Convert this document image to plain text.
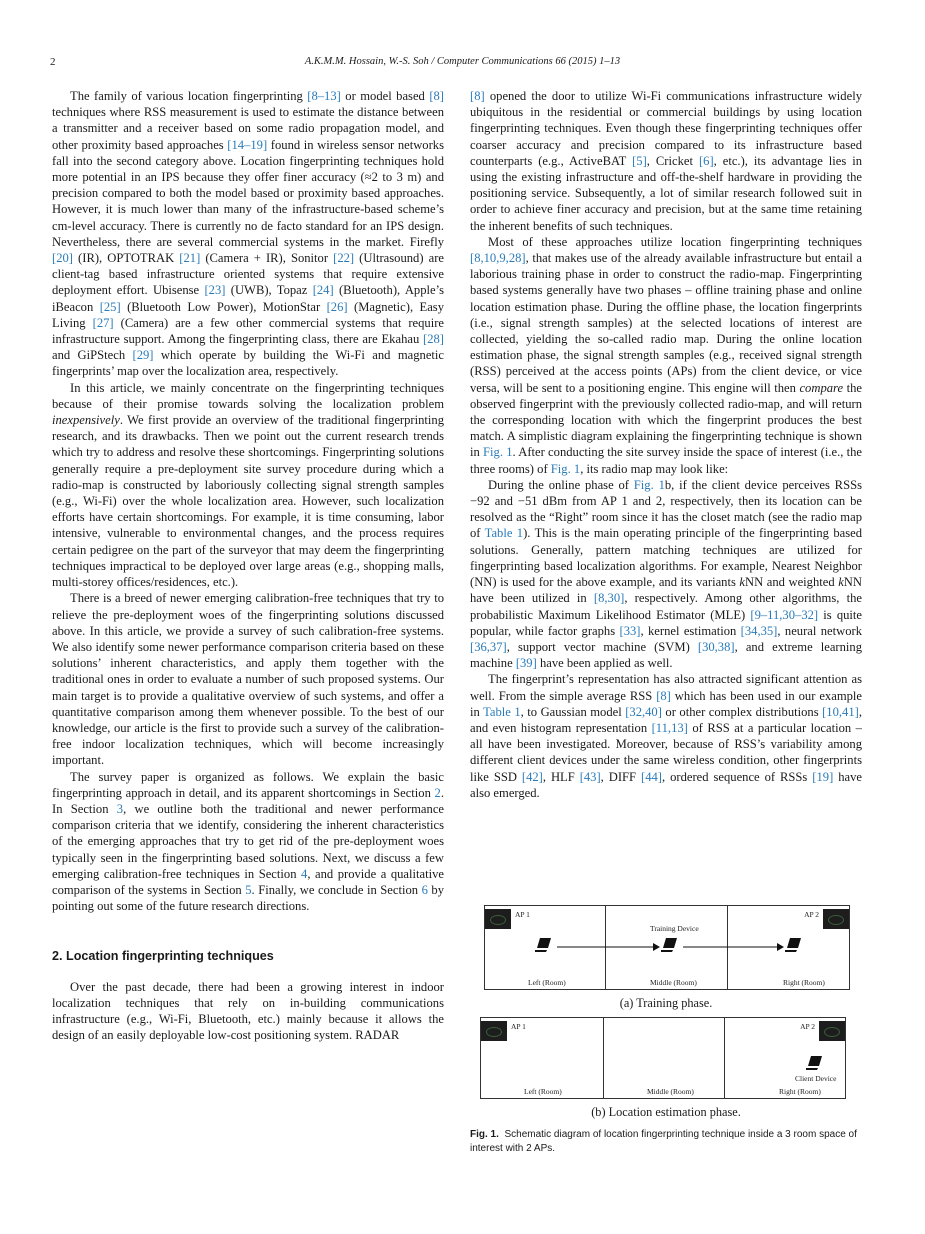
2	A.K.M.M. Hossain, W.-S. Soh / Computer Communications 66 (2015) 1–13

The family of various location fingerprinting [8–13] or model based [8] techniques where RSS measurement is used to estimate the distance between a transmitter and a receiver based on some radio propagation model, and other proximity based approaches [14–19] found in wireless sensor networks fall into the second category above. Location fingerprinting techniques hold more potential in an IPS because they offer finer accuracy (≈2 to 3 m) and precision compared to both the model based or proximity based approaches. However, it is much lower than many of the infrastructure-based scheme’s cm-level accuracy. There is currently no de facto standard for an IPS design. Nevertheless, there are several commercial systems in the market. Firefly [20] (IR), OPTOTRAK [21] (Camera + IR), Sonitor [22] (Ultrasound) are client-tag based infrastructure oriented systems that require extensive deployment effort. Ubisense [23] (UWB), Topaz [24] (Bluetooth), Apple’s iBeacon [25] (Bluetooth Low Power), MotionStar [26] (Magnetic), Easy Living [27] (Camera) are a few other commercial systems that require infrastructure support. Among the fingerprinting class, there are Ekahau [28] and GiPStech [29] which operate by building the Wi-Fi and magnetic fingerprints’ map over the localization area, respectively.

In this article, we mainly concentrate on the fingerprinting techniques because of their promise towards solving the localization problem inexpensively. We first provide an overview of the traditional fingerprinting research, and its drawbacks. Then we point out the current research trends which try to address and resolve these shortcomings. Fingerprinting solutions generally require a pre-deployment site survey procedure during which a radio-map is constructed by laboriously collecting signal strength samples (e.g., Wi-Fi) over the whole localization area. However, such localization efforts have certain shortcomings. For example, it is time consuming, labor intensive, vulnerable to environmental changes, and the process requires certain pedigree on the part of the surveyor that may deem the fingerprinting techniques impractical to be deployed over large areas (e.g., shopping malls, multi-storey offices/residences, etc.).

There is a breed of newer emerging calibration-free techniques that try to relieve the pre-deployment woes of the fingerprinting solutions discussed above. In this article, we provide a survey of such calibration-free systems. We also identify some newer performance comparison criteria based on these solutions’ inherent characteristics, and apply them together with the traditional ones in order to evaluate a number of such proposed systems. Our main target is to provide a qualitative overview of such systems, and offer a quantitative comparison among them whenever possible. To the best of our knowledge, our article is the first to provide such a survey of the calibration-free indoor localization techniques, which will become increasingly important.

The survey paper is organized as follows. We explain the basic fingerprinting approach in detail, and its apparent shortcomings in Section 2. In Section 3, we outline both the traditional and newer performance comparison criteria that we identify, considering the inherent characteristics of the emerging approaches that try to get rid of the pre-deployment woes typically seen in the fingerprinting based solutions. Next, we discuss a few emerging calibration-free techniques in Section 4, and provide a qualitative comparison of the systems in Section 5. Finally, we conclude in Section 6 by pointing out some of the future research directions.

2. Location fingerprinting techniques

Over the past decade, there had been a growing interest in indoor localization techniques that rely on in-building communications infrastructure (e.g., Wi-Fi, Bluetooth, etc.) mainly because it allows the design of an easily deployable low-cost positioning system. RADAR

[8] opened the door to utilize Wi-Fi communications infrastructure widely ubiquitous in the residential or commercial buildings by using location fingerprinting techniques. Even though these fingerprinting techniques offer coarser accuracy and precision compared to its infrastructure based counterparts (e.g., ActiveBAT [5], Cricket [6], etc.), its advantage lies in using the existing infrastructure and off-the-shelf hardware in providing the positioning service. Subsequently, a lot of similar research followed suit in order to achieve finer accuracy and precision, but at the same time retaining the inherent benefits of such techniques.

Most of these approaches utilize location fingerprinting techniques [8,10,9,28], that makes use of the already available infrastructure but entail a laborious training phase in order to construct the radio-map. Fingerprinting based systems generally have two phases – offline training phase and online location estimation phase. During the offline phase, the location fingerprints (i.e., signal strength samples) at the selected locations of interest are collected, yielding the so-called radio map. During the online location estimation phase, the signal strength samples (e.g., received signal strength (RSS) perceived at the access points (APs) from the client device, or vice versa, will be sent to a positioning engine. This engine will then compare the observed fingerprint with the previously collected radio-map, and will return the corresponding location with which the fingerprint produces the best match. A simplistic diagram explaining the fingerprinting technique is shown in Fig. 1. After conducting the site survey inside the space of interest (i.e., the three rooms) of Fig. 1, its radio map may look like:

During the online phase of Fig. 1b, if the client device perceives RSSs −92 and −51 dBm from AP 1 and 2, respectively, then its location can be resolved as the “Right” room since it has the closet match (see the radio map of Table 1). This is the main operating principle of the fingerprinting based solutions. Generally, pattern matching techniques are utilized for fingerprinting based localization algorithms. For example, Nearest Neighbor (NN) is used for the above example, and its variants kNN and weighted kNN have been utilized in [8,30], respectively. Among other algorithms, the probabilistic Maximum Likelihood Estimator (MLE) [9–11,30–32] is quite popular, while factor graphs [33], kernel estimation [34,35], neural network [36,37], support vector machine (SVM) [30,38], and extreme learning machine [39] have been applied as well.

The fingerprint’s representation has also attracted significant attention as well. From the simple average RSS [8] which has been used in our example in Table 1, to Gaussian model [32,40] or other complex distributions [10,41], and even histogram representation [11,13] of RSS at a particular location – all have been investigated. Moreover, because of RSS’s variability among different client devices under the same wireless condition, other fingerprints like SSD [42], HLF [43], DIFF [44], ordered sequence of RSSs [19] have also emerged.

AP 1	AP 2
Training Device
Left (Room)	Middle (Room)	Right (Room)
(a) Training phase.
AP 1	AP 2
Client Device
Left (Room)	Middle (Room)	Right (Room)
(b) Location estimation phase.
Fig. 1. Schematic diagram of location fingerprinting technique inside a 3 room space of interest with 2 APs.
